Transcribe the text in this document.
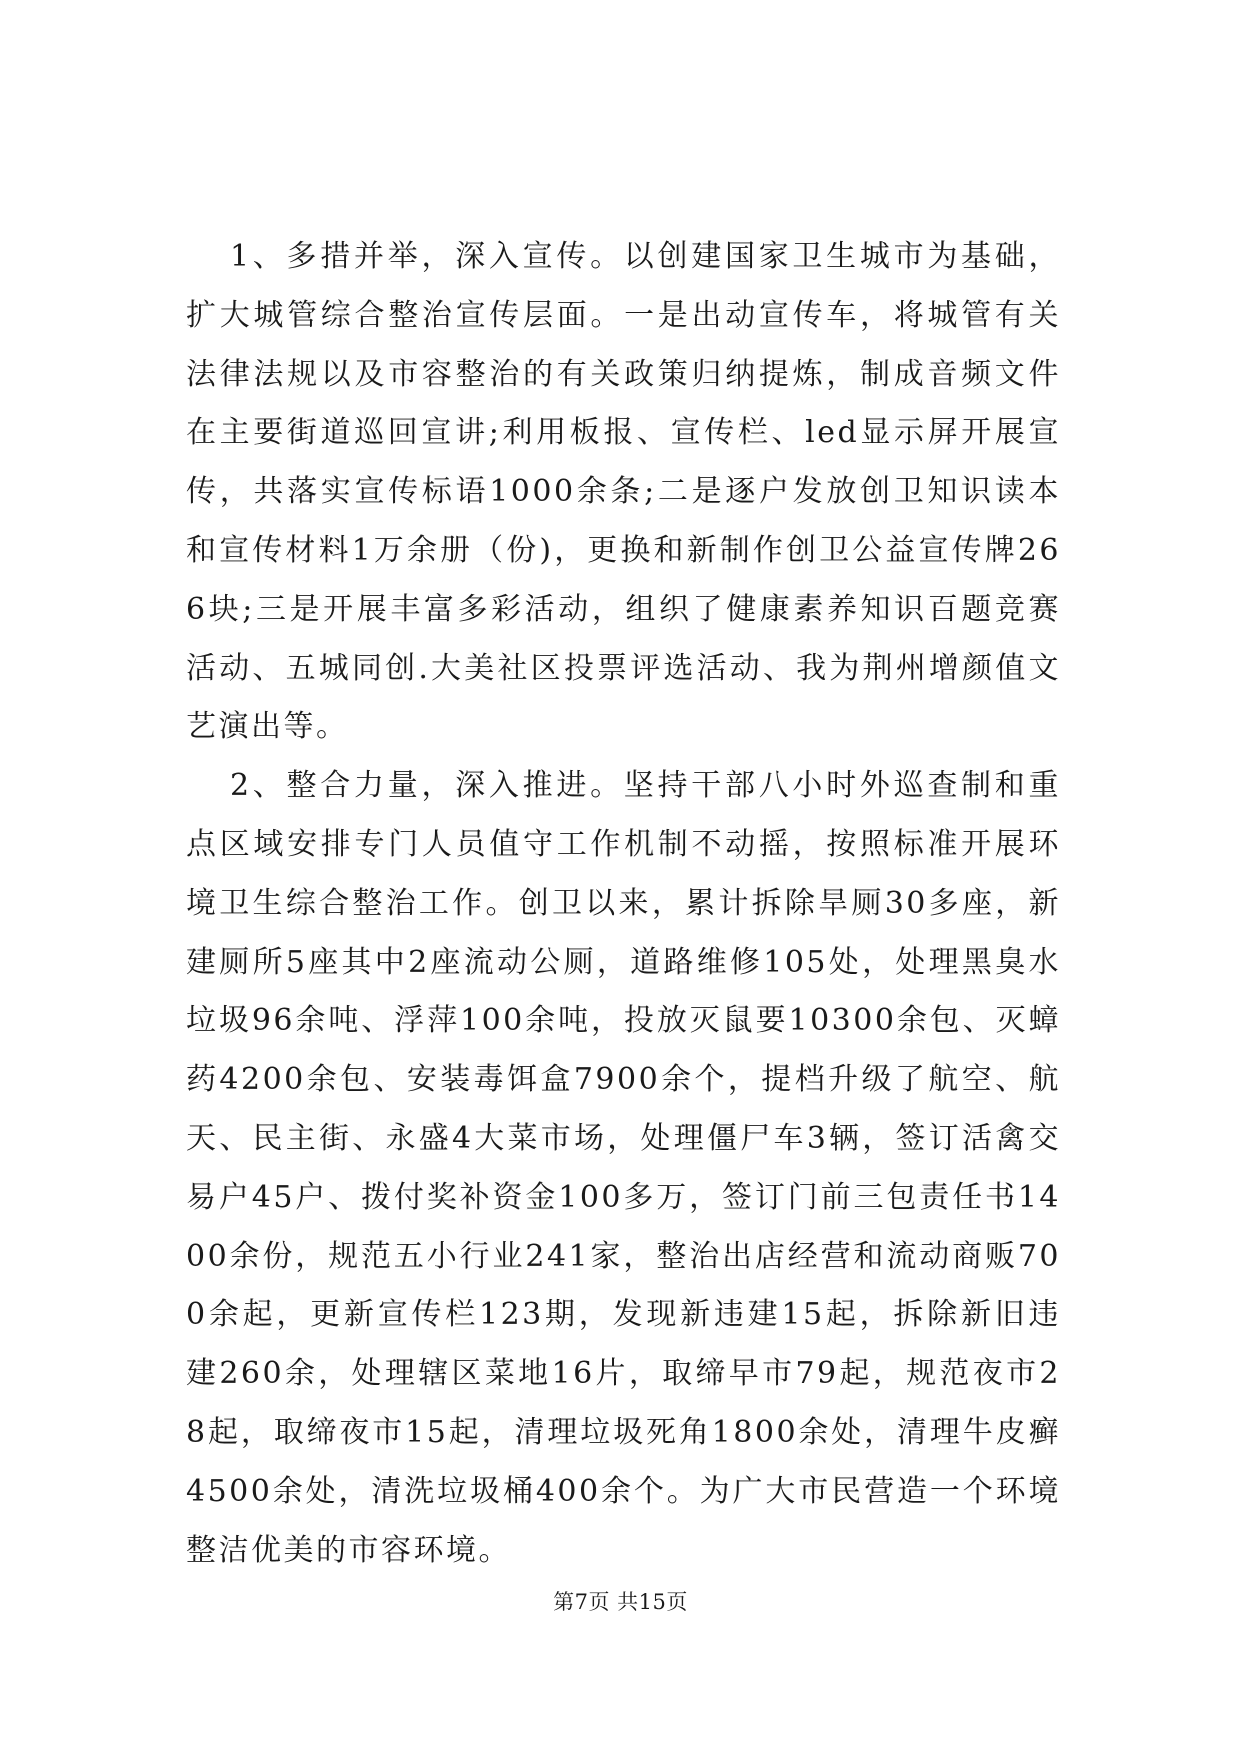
1、多措并举，深入宣传。以创建国家卫生城市为基础，扩大城管综合整治宣传层面。一是出动宣传车，将城管有关法律法规以及市容整治的有关政策归纳提炼，制成音频文件在主要街道巡回宣讲;利用板报、宣传栏、led显示屏开展宣传，共落实宣传标语1000余条;二是逐户发放创卫知识读本和宣传材料1万余册（份)，更换和新制作创卫公益宣传牌266块;三是开展丰富多彩活动，组织了健康素养知识百题竞赛活动、五城同创.大美社区投票评选活动、我为荆州增颜值文艺演出等。

2、整合力量，深入推进。坚持干部八小时外巡查制和重点区域安排专门人员值守工作机制不动摇，按照标准开展环境卫生综合整治工作。创卫以来，累计拆除旱厕30多座，新建厕所5座其中2座流动公厕，道路维修105处，处理黑臭水垃圾96余吨、浮萍100余吨，投放灭鼠要10300余包、灭蟑药4200余包、安装毒饵盒7900余个，提档升级了航空、航天、民主街、永盛4大菜市场，处理僵尸车3辆，签订活禽交易户45户、拨付奖补资金100多万，签订门前三包责任书1400余份，规范五小行业241家，整治出店经营和流动商贩700余起，更新宣传栏123期，发现新违建15起，拆除新旧违建260余，处理辖区菜地16片，取缔早市79起，规范夜市28起，取缔夜市15起，清理垃圾死角1800余处，清理牛皮癣4500余处，清洗垃圾桶400余个。为广大市民营造一个环境整洁优美的市容环境。

第7页 共15页
